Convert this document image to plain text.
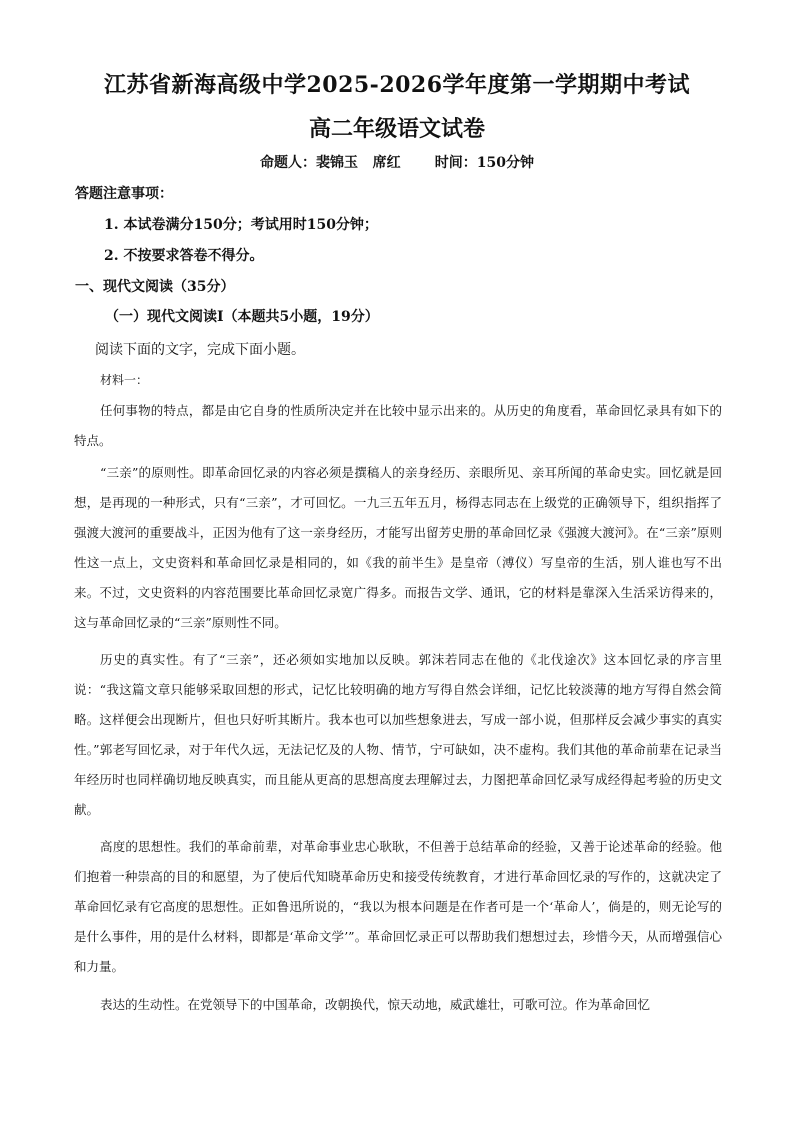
江苏省新海高级中学2025-2026学年度第一学期期中考试
高二年级语文试卷
命题人：裴锦玉   席红       时间：150分钟
答题注意事项：
1. 本试卷满分150分；考试用时150分钟；
2. 不按要求答卷不得分。
一、现代文阅读（35分）
（一）现代文阅读Ⅰ（本题共5小题，19分）
阅读下面的文字，完成下面小题。
材料一：

任何事物的特点，都是由它自身的性质所决定并在比较中显示出来的。从历史的角度看，革命回忆录具有如下的特点。

“三亲”的原则性。即革命回忆录的内容必须是撰稿人的亲身经历、亲眼所见、亲耳所闻的革命史实。回忆就是回想，是再现的一种形式，只有“三亲”，才可回忆。一九三五年五月，杨得志同志在上级党的正确领导下，组织指挥了强渡大渡河的重要战斗，正因为他有了这一亲身经历，才能写出留芳史册的革命回忆录《强渡大渡河》。在“三亲”原则性这一点上，文史资料和革命回忆录是相同的，如《我的前半生》是皇帝（溥仪）写皇帝的生活，别人谁也写不出来。不过，文史资料的内容范围要比革命回忆录宽广得多。而报告文学、通讯，它的材料是靠深入生活采访得来的，这与革命回忆录的“三亲”原则性不同。

历史的真实性。有了“三亲”，还必须如实地加以反映。郭沫若同志在他的《北伐途次》这本回忆录的序言里说：“我这篇文章只能够采取回想的形式，记忆比较明确的地方写得自然会详细，记忆比较淡薄的地方写得自然会简略。这样便会出现断片，但也只好听其断片。我本也可以加些想象进去，写成一部小说，但那样反会减少事实的真实性。”郭老写回忆录，对于年代久远，无法记忆及的人物、情节，宁可缺如，决不虚构。我们其他的革命前辈在记录当年经历时也同样确切地反映真实，而且能从更高的思想高度去理解过去，力图把革命回忆录写成经得起考验的历史文献。

高度的思想性。我们的革命前辈，对革命事业忠心耿耿，不但善于总结革命的经验，又善于论述革命的经验。他们抱着一种崇高的目的和愿望，为了使后代知晓革命历史和接受传统教育，才进行革命回忆录的写作的，这就决定了革命回忆录有它高度的思想性。正如鲁迅所说的，“我以为根本问题是在作者可是一个‘革命人’，倘是的，则无论写的是什么事件，用的是什么材料，即都是‘革命文学’”。革命回忆录正可以帮助我们想想过去，珍惜今天，从而增强信心和力量。

表达的生动性。在党领导下的中国革命，改朝换代，惊天动地，威武雄壮，可歌可泣。作为革命回忆
